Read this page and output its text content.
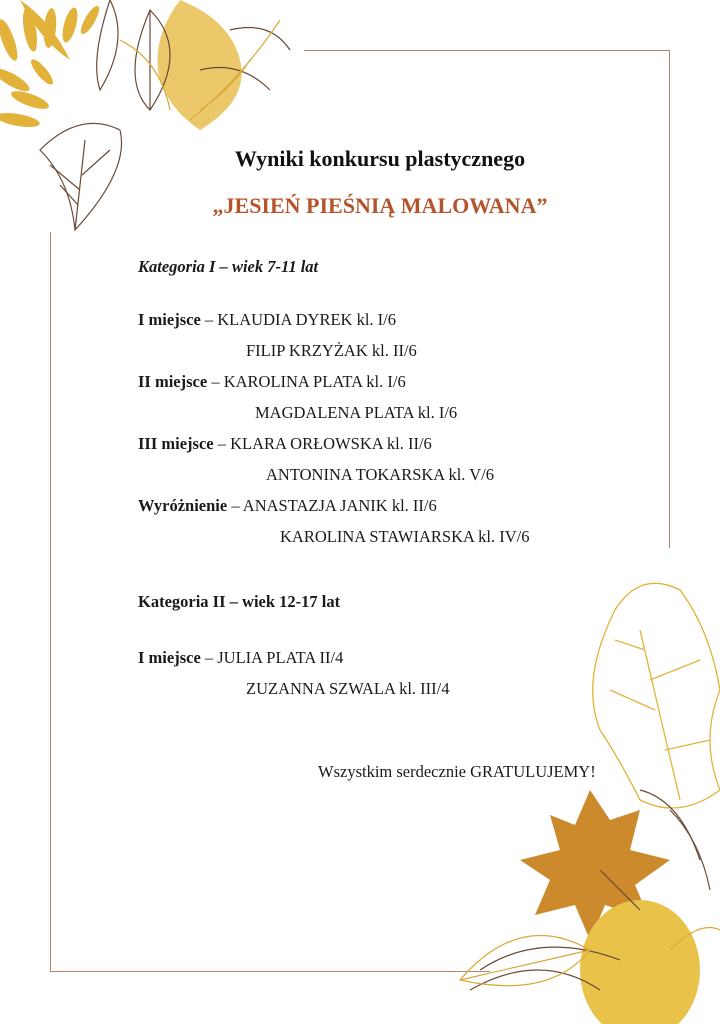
Wyniki konkursu plastycznego
„JESIEŃ PIEŚNIĄ MALOWANA”
Kategoria I – wiek 7-11 lat
I miejsce – KLAUDIA DYREK kl. I/6
FILIP KRZYŻAK kl. II/6
II miejsce – KAROLINA PLATA kl. I/6
MAGDALENA PLATA kl. I/6
III miejsce – KLARA ORŁOWSKA kl. II/6
ANTONINA TOKARSKA kl. V/6
Wyróżnienie – ANASTAZJA JANIK kl. II/6
KAROLINA STAWIARSKA kl. IV/6
Kategoria II – wiek 12-17 lat
I miejsce – JULIA PLATA II/4
ZUZANNA SZWALA kl. III/4
Wszystkim serdecznie GRATULUJEMY!
